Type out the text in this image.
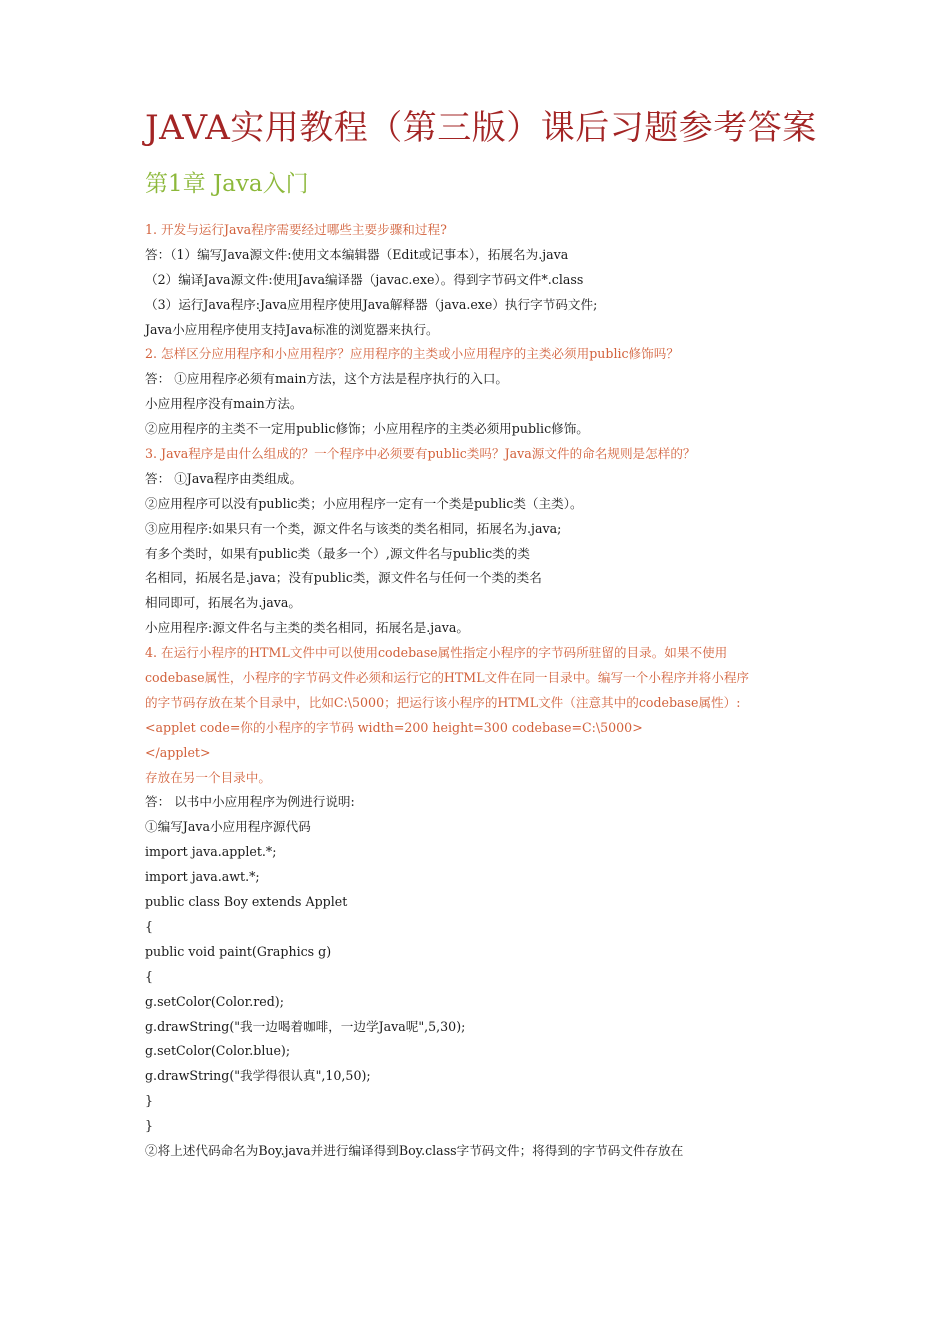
JAVA实用教程（第三版）课后习题参考答案
第1章 Java入门
1. 开发与运行Java程序需要经过哪些主要步骤和过程?
答：（1）编写Java源文件:使用文本编辑器（Edit或记事本），拓展名为.java
（2）编译Java源文件:使用Java编译器（javac.exe）。得到字节码文件*.class
（3）运行Java程序:Java应用程序使用Java解释器（java.exe）执行字节码文件;
Java小应用程序使用支持Java标准的浏览器来执行。
2. 怎样区分应用程序和小应用程序？应用程序的主类或小应用程序的主类必须用public修饰吗？
答： ①应用程序必须有main方法，这个方法是程序执行的入口。
小应用程序没有main方法。
②应用程序的主类不一定用public修饰；小应用程序的主类必须用public修饰。
3. Java程序是由什么组成的？一个程序中必须要有public类吗？Java源文件的命名规则是怎样的？
答： ①Java程序由类组成。
②应用程序可以没有public类；小应用程序一定有一个类是public类（主类）。
③应用程序:如果只有一个类，源文件名与该类的类名相同，拓展名为.java;
有多个类时，如果有public类（最多一个）,源文件名与public类的类
名相同，拓展名是.java；没有public类，源文件名与任何一个类的类名
相同即可，拓展名为.java。
小应用程序:源文件名与主类的类名相同，拓展名是.java。
4. 在运行小程序的HTML文件中可以使用codebase属性指定小程序的字节码所驻留的目录。如果不使用
codebase属性，小程序的字节码文件必须和运行它的HTML文件在同一目录中。编写一个小程序并将小程序
的字节码存放在某个目录中，比如C:\5000；把运行该小程序的HTML文件（注意其中的codebase属性）:
<applet code=你的小程序的字节码 width=200 height=300 codebase=C:\5000>
</applet>
存放在另一个目录中。
答： 以书中小应用程序为例进行说明:
①编写Java小应用程序源代码
import java.applet.*;
import java.awt.*;
public class Boy extends Applet
{
public void paint(Graphics g)
{
g.setColor(Color.red);
g.drawString("我一边喝着咖啡，一边学Java呢",5,30);
g.setColor(Color.blue);
g.drawString("我学得很认真",10,50);
}
}
②将上述代码命名为Boy.java并进行编译得到Boy.class字节码文件；将得到的字节码文件存放在
